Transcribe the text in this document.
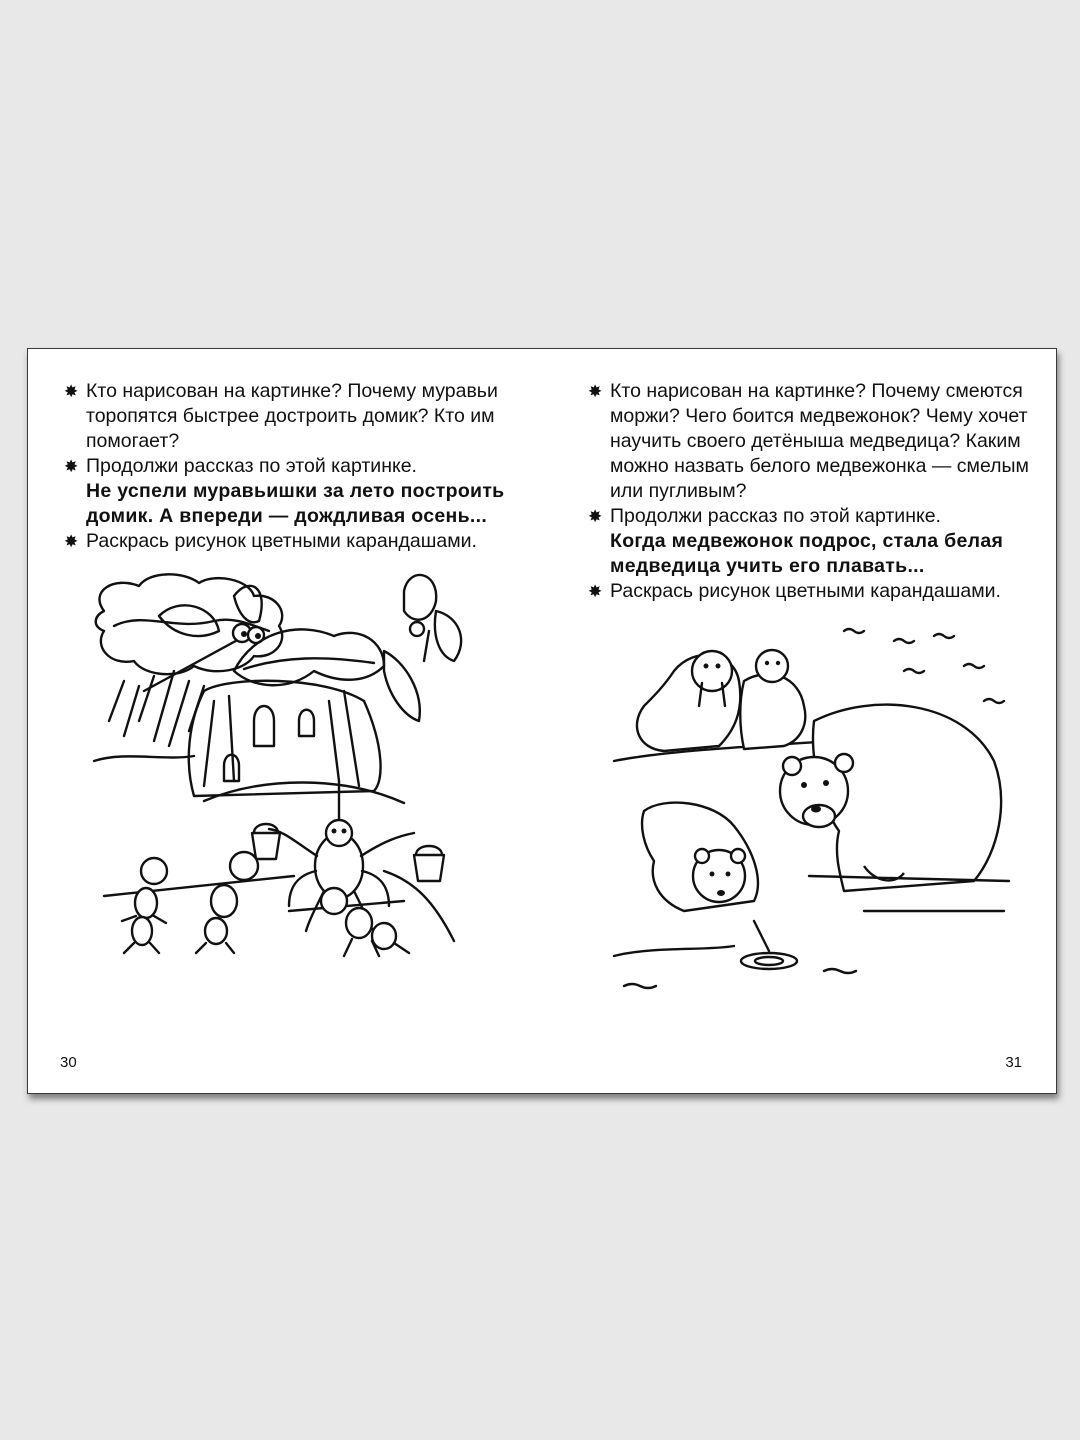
✸ Кто нарисован на картинке? Почему муравьи торопятся быстрее достроить домик? Кто им помогает?
✸ Продолжи рассказ по этой картинке.
Не успели муравьишки за лето построить домик. А впереди — дождливая осень...
✸ Раскрась рисунок цветными карандашами.
30
✸ Кто нарисован на картинке? Почему смеются моржи? Чего боится медвежонок? Чему хочет научить своего детёныша медведица? Каким можно назвать белого медвежонка — смелым или пугливым?
✸ Продолжи рассказ по этой картинке.
Когда медвежонок подрос, стала белая медведица учить его плавать...
✸ Раскрась рисунок цветными карандашами.
31
